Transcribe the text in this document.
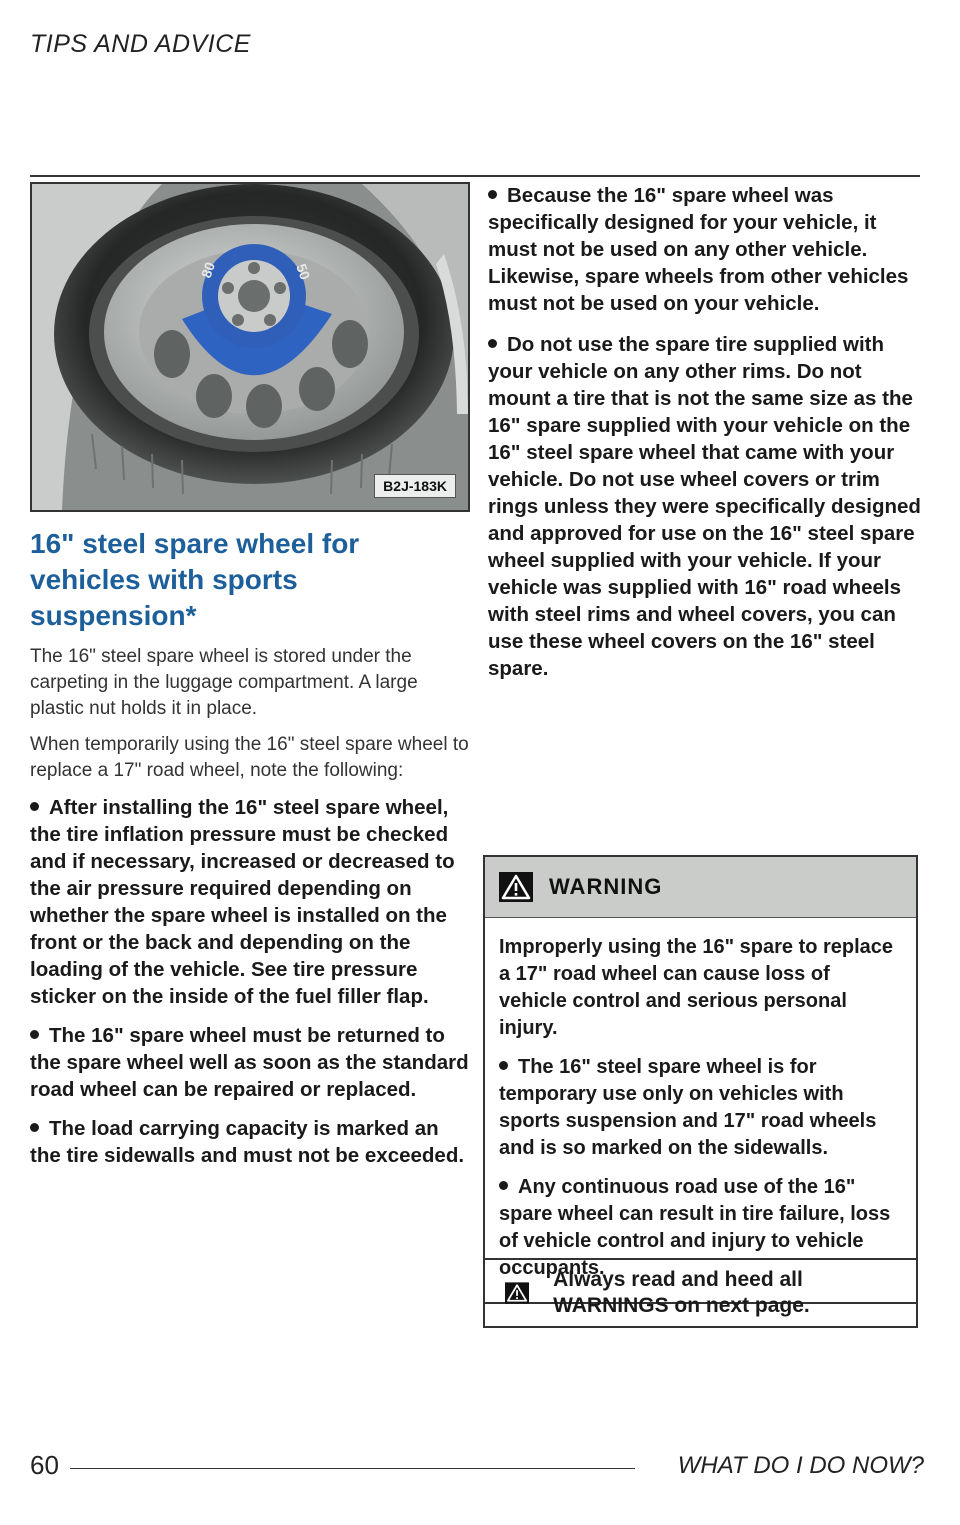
TIPS AND ADVICE
80	50
B2J-183K
16" steel spare wheel for vehicles with sports suspension*

The 16" steel spare wheel is stored under the carpeting in the luggage compartment. A large plastic nut holds it in place.

When temporarily using the 16" steel spare wheel to replace a 17" road wheel, note the following:

After installing the 16" steel spare wheel, the tire inflation pressure must be checked and if necessary, increased or decreased to the air pressure required depending on whether the spare wheel is installed on the front or the back and depending on the loading of the vehicle. See tire pressure sticker on the inside of the fuel filler flap.
The 16" spare wheel must be returned to the spare wheel well as soon as the standard road wheel can be repaired or replaced.
The load carrying capacity is marked an the tire sidewalls and must not be exceeded.
Because the 16" spare wheel was specifically designed for your vehicle, it must not be used on any other vehicle. Likewise, spare wheels from other vehicles must not be used on your vehicle.
Do not use the spare tire supplied with your vehicle on any other rims. Do not mount a tire that is not the same size as the 16" spare supplied with your vehicle on the 16" steel spare wheel that came with your vehicle. Do not use wheel covers or trim rings unless they were specifically designed and approved for use on the 16" steel spare wheel supplied with your vehicle. If your vehicle was supplied with 16" road wheels with steel rims and wheel covers, you can use these wheel covers on the 16" steel spare.
WARNING

Improperly using the 16" spare to replace a 17" road wheel can cause loss of vehicle control and serious personal injury.

The 16" steel spare wheel is for temporary use only on vehicles with sports suspension and 17" road wheels and is so marked on the sidewalls.
Any continuous road use of the 16" spare wheel can result in tire failure, loss of vehicle control and injury to vehicle occupants.
Always read and heed all WARNINGS on next page.
60	WHAT DO I DO NOW?
